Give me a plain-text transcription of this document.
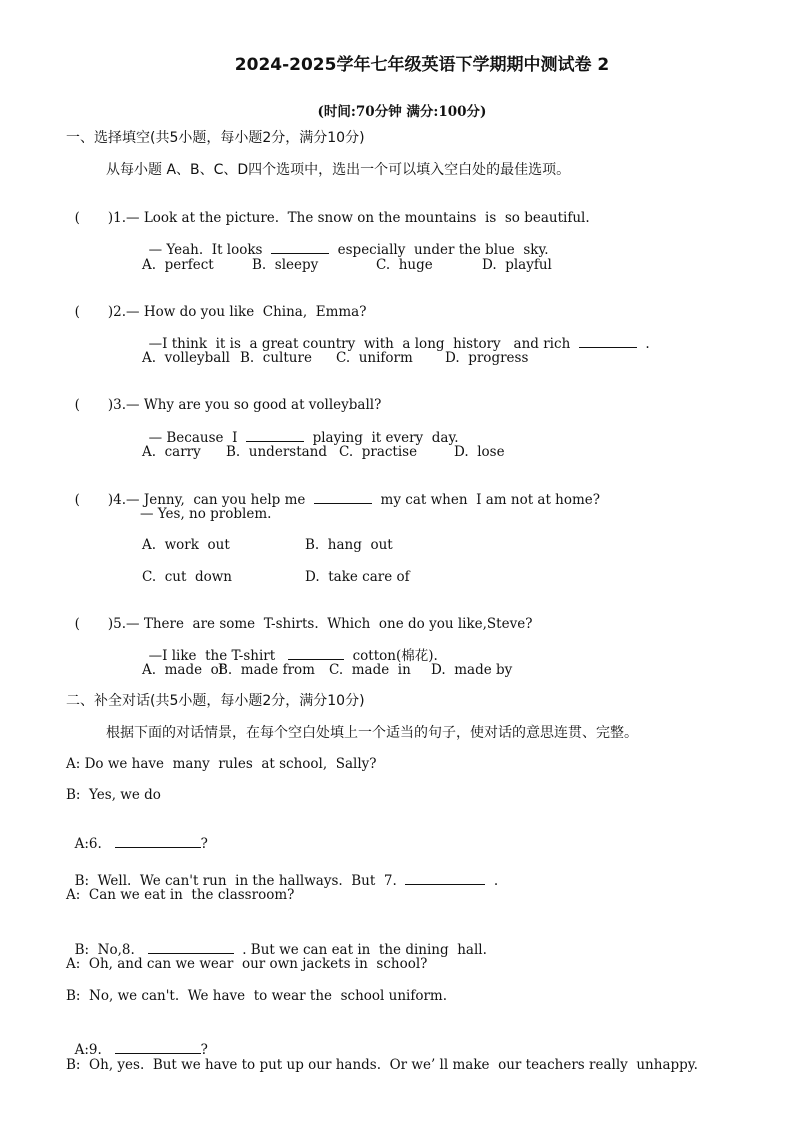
2024-2025学年七年级英语下学期期中测试卷 2
(时间:70分钟 满分:100分)
一、选择填空(共5小题，每小题2分，满分10分)
从每小题 A、B、C、D四个选项中，选出一个可以填入空白处的最佳选项。

( )1.— Look at the picture.  The snow on the mountains  is  so beautiful.

— Yeah.  It looks	especially  under the blue  sky.

A.  perfect	B.  sleepy	C.  huge	D.  playful

( )2.— How do you like  China,  Emma?

—I think  it is  a great country  with  a long  history   and rich	.

A.  volleyball B.  culture C.  uniform D.  progress

( )3.— Why are you so good at volleyball?

— Because  I	playing  it every  day.

A.  carry B.  understand C.  practise	D.  lose

( )4.— Jenny,  can you help me	my cat when  I am not at home?

— Yes, no problem.
A.  work  out	B.  hang  out
C.  cut  down	D.  take care of

( )5.— There  are some  T-shirts.  Which  one do you like,Steve?

—I like  the T-shirt	cotton(棉花).

A.  made  of
B.  made from C.  made  in D.  made by
二、补全对话(共5小题，每小题2分，满分10分)
根据下面的对话情景，在每个空白处填上一个适当的句子，使对话的意思连贯、完整。
A: Do we have  many  rules  at school,  Sally?
B:  Yes, we do

A:6.	?

B:  Well.  We can't run  in the hallways.  But  7.	.

A:  Can we eat in  the classroom?

B:  No,8.	. But we can eat in  the dining  hall.

A:  Oh, and can we wear  our own jackets in  school?
B:  No, we can't.  We have  to wear the  school uniform.

A:9.	?

B:  Oh, yes.  But we have to put up our hands.  Or we’ ll make  our teachers really  unhappy.
